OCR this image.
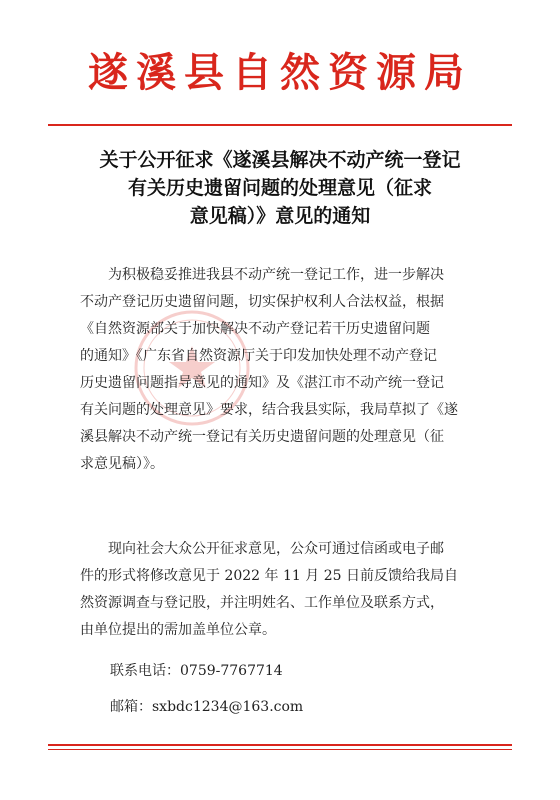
遂溪县自然资源局
关于公开征求《遂溪县解决不动产统一登记
有关历史遗留问题的处理意见（征求
意见稿）》意见的通知
　　为积极稳妥推进我县不动产统一登记工作，进一步解决
不动产登记历史遗留问题，切实保护权利人合法权益，根据
《自然资源部关于加快解决不动产登记若干历史遗留问题
的通知》《广东省自然资源厅关于印发加快处理不动产登记
历史遗留问题指导意见的通知》及《湛江市不动产统一登记
有关问题的处理意见》要求，结合我县实际，我局草拟了《遂
溪县解决不动产统一登记有关历史遗留问题的处理意见（征
求意见稿）》。
　　现向社会大众公开征求意见，公众可通过信函或电子邮
件的形式将修改意见于 2022 年 11 月 25 日前反馈给我局自
然资源调查与登记股，并注明姓名、工作单位及联系方式，
由单位提出的需加盖单位公章。
联系电话：0759-7767714
邮箱：sxbdc1234@163.com
